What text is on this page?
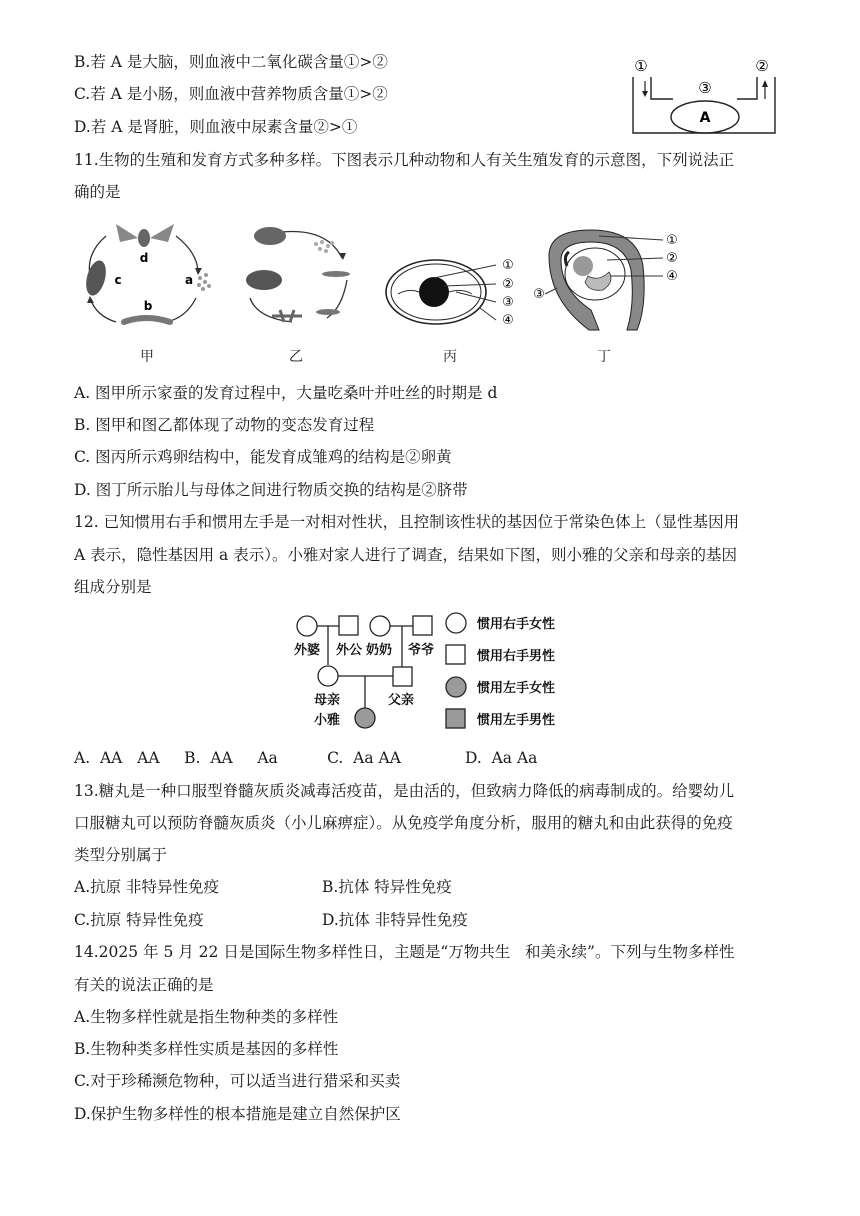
B.若 A 是大脑，则血液中二氧化碳含量①>②
C.若 A 是小肠，则血液中营养物质含量①>②
D.若 A 是肾脏，则血液中尿素含量②>①
①	②
③
A
11.生物的生殖和发育方式多种多样。下图表示几种动物和人有关生殖发育的示意图，下列说法正
确的是
d
a
b
c
甲	乙
①
②
③
④
丙
①
②
④
③
丁
A. 图甲所示家蚕的发育过程中，大量吃桑叶并吐丝的时期是 d
B. 图甲和图乙都体现了动物的变态发育过程
C. 图丙所示鸡卵结构中，能发育成雏鸡的结构是②卵黄
D. 图丁所示胎儿与母体之间进行物质交换的结构是②脐带
12. 已知惯用右手和惯用左手是一对相对性状，且控制该性状的基因位于常染色体上（显性基因用
A 表示，隐性基因用 a 表示）。小雅对家人进行了调查，结果如下图，则小雅的父亲和母亲的基因
组成分别是
外婆 外公 奶奶 爷爷
母亲	父亲
小雅
惯用右手女性
惯用右手男性
惯用左手女性
惯用左手男性
A.  AA   AA     B.  AA     Aa          C.  Aa AA             D.  Aa Aa
13.糖丸是一种口服型脊髓灰质炎减毒活疫苗，是由活的，但致病力降低的病毒制成的。给婴幼儿
口服糖丸可以预防脊髓灰质炎（小儿麻痹症）。从免疫学角度分析，服用的糖丸和由此获得的免疫
类型分别属于
A.抗原 非特异性免疫	B.抗体 特异性免疫
C.抗原 特异性免疫	D.抗体 非特异性免疫
14.2025 年 5 月 22 日是国际生物多样性日，主题是“万物共生   和美永续”。下列与生物多样性
有关的说法正确的是
A.生物多样性就是指生物种类的多样性
B.生物种类多样性实质是基因的多样性
C.对于珍稀濒危物种，可以适当进行猎采和买卖
D.保护生物多样性的根本措施是建立自然保护区
